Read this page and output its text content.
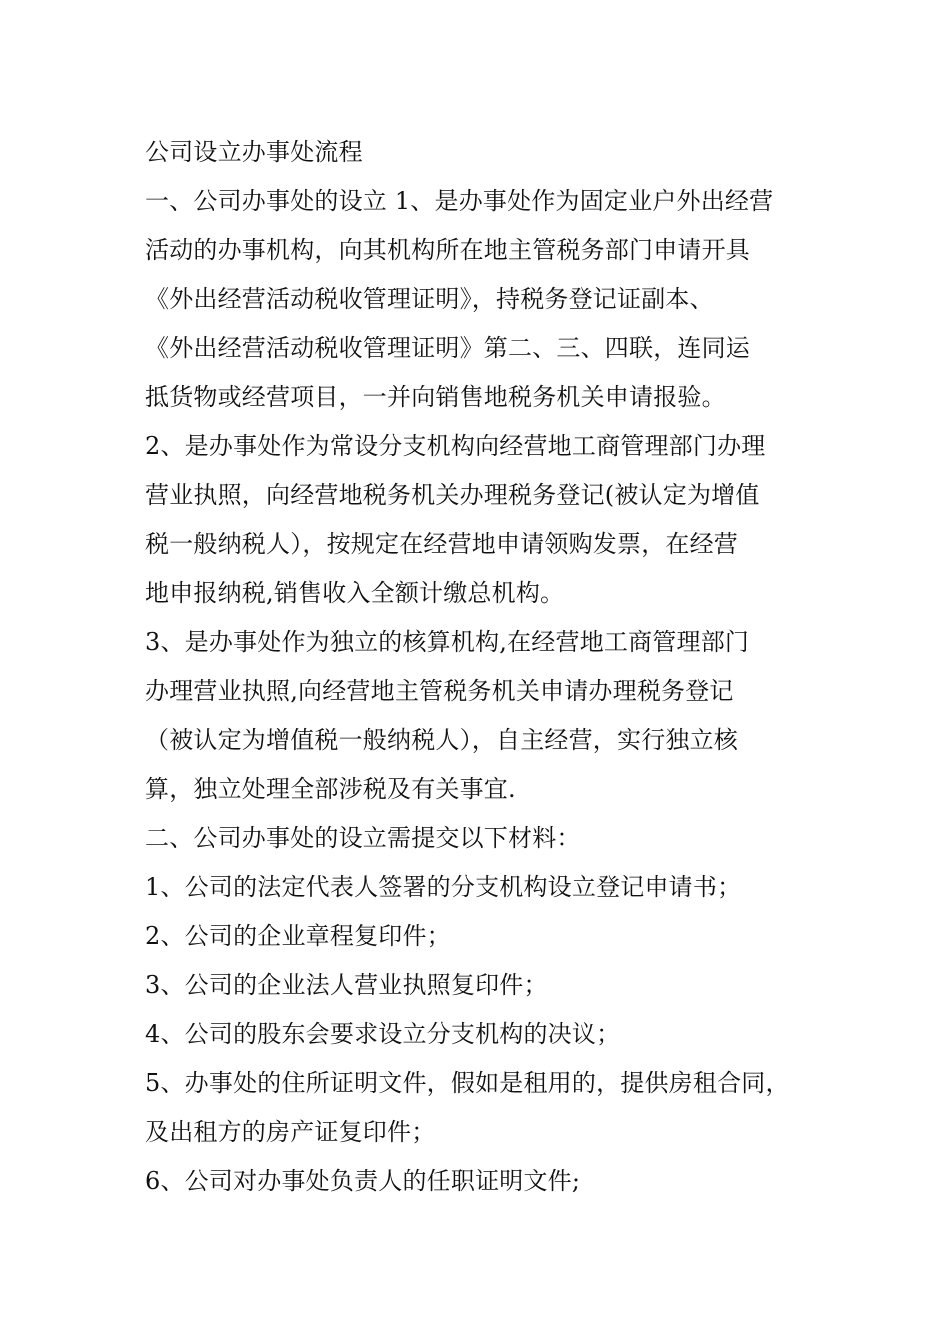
公司设立办事处流程
一、公司办事处的设立 1、是办事处作为固定业户外出经营
活动的办事机构，向其机构所在地主管税务部门申请开具
《外出经营活动税收管理证明》，持税务登记证副本、
《外出经营活动税收管理证明》第二、三、四联，连同运
抵货物或经营项目，一并向销售地税务机关申请报验。
2、是办事处作为常设分支机构向经营地工商管理部门办理
营业执照，向经营地税务机关办理税务登记(被认定为增值
税一般纳税人），按规定在经营地申请领购发票，在经营
地申报纳税,销售收入全额计缴总机构。
3、是办事处作为独立的核算机构,在经营地工商管理部门
办理营业执照,向经营地主管税务机关申请办理税务登记
（被认定为增值税一般纳税人），自主经营，实行独立核
算，独立处理全部涉税及有关事宜.
二、公司办事处的设立需提交以下材料：
1、公司的法定代表人签署的分支机构设立登记申请书；
2、公司的企业章程复印件；
3、公司的企业法人营业执照复印件；
4、公司的股东会要求设立分支机构的决议；
5、办事处的住所证明文件，假如是租用的，提供房租合同，
及出租方的房产证复印件；
6、公司对办事处负责人的任职证明文件;
